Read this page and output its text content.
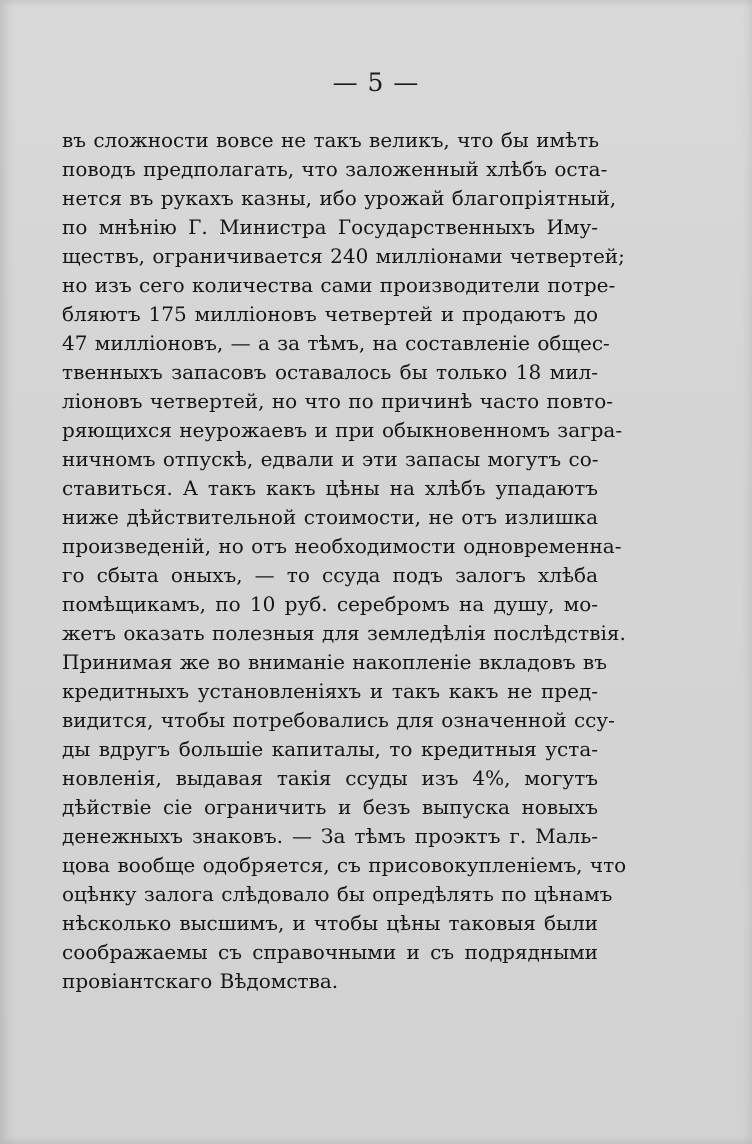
— 5 —
въ сложности вовсе не такъ великъ, что бы имѣть
поводъ предполагать, что заложенный хлѣбъ оста-
нется въ рукахъ казны, ибо урожай благопріятный,
по мнѣнію Г. Министра Государственныхъ Иму-
ществъ, ограничивается 240 милліонами четвертей;
но изъ сего количества сами производители потре-
бляютъ 175 милліоновъ четвертей и продаютъ до
47 милліоновъ, — а за тѣмъ, на составленіе общес-
твенныхъ запасовъ оставалось бы только 18 мил-
ліоновъ четвертей, но что по причинѣ часто повто-
ряющихся неурожаевъ и при обыкновенномъ загра-
ничномъ отпускѣ, едвали и эти запасы могутъ со-
ставиться. А такъ какъ цѣны на хлѣбъ упадаютъ
ниже дѣйствительной стоимости, не отъ излишка
произведеній, но отъ необходимости одновременна-
го сбыта оныхъ, — то ссуда подъ залогъ хлѣба
помѣщикамъ, по 10 руб. серебромъ на душу, мо-
жетъ оказать полезныя для земледѣлія послѣдствія.
Принимая же во вниманіе накопленіе вкладовъ въ
кредитныхъ установленіяхъ и такъ какъ не пред-
видится, чтобы потребовались для означенной ссу-
ды вдругъ большіе капиталы, то кредитныя уста-
новленія, выдавая такія ссуды изъ 4%, могутъ
дѣйствіе сіе ограничить и безъ выпуска новыхъ
денежныхъ знаковъ. — За тѣмъ проэктъ г. Маль-
цова вообще одобряется, съ присовокупленіемъ, что
оцѣнку залога слѣдовало бы опредѣлять по цѣнамъ
нѣсколько высшимъ, и чтобы цѣны таковыя были
соображаемы съ справочными и съ подрядными
провіантскаго Вѣдомства.
